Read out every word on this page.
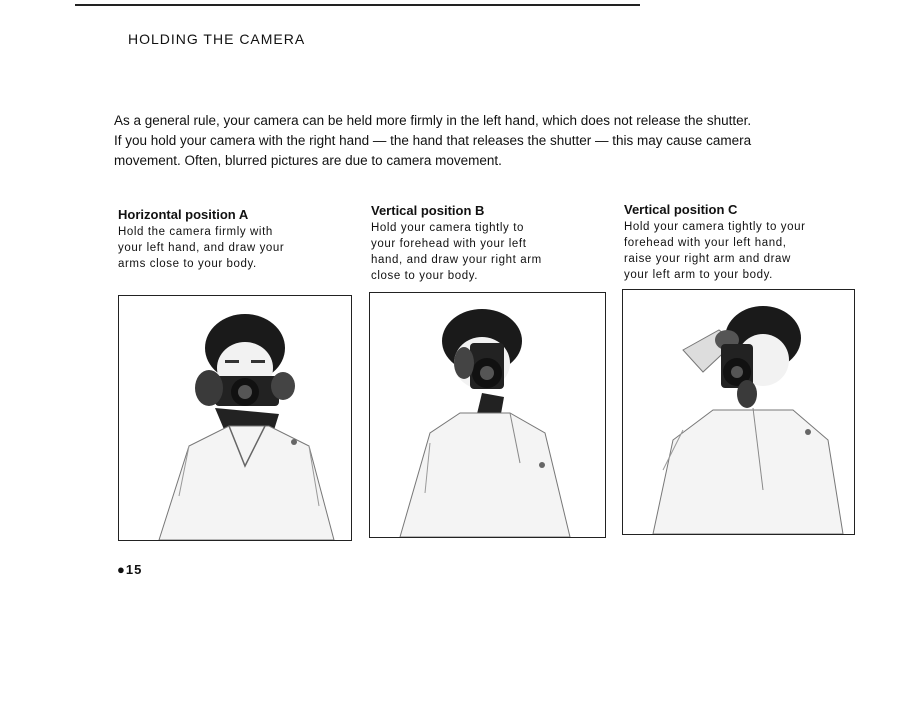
HOLDING THE CAMERA
As a general rule, your camera can be held more firmly in the left hand, which does not release the shutter.
If you hold your camera with the right hand — the hand that releases the shutter — this may cause camera
movement. Often, blurred pictures are due to camera movement.
Horizontal position A
Hold the camera firmly with
your left hand, and draw your
arms close to your body.
Vertical position B
Hold your camera tightly to
your forehead with your left
hand, and draw your right arm
close to your body.
Vertical position C
Hold your camera tightly to your
forehead with your left hand,
raise your right arm and draw
your left arm to your body.
●15
